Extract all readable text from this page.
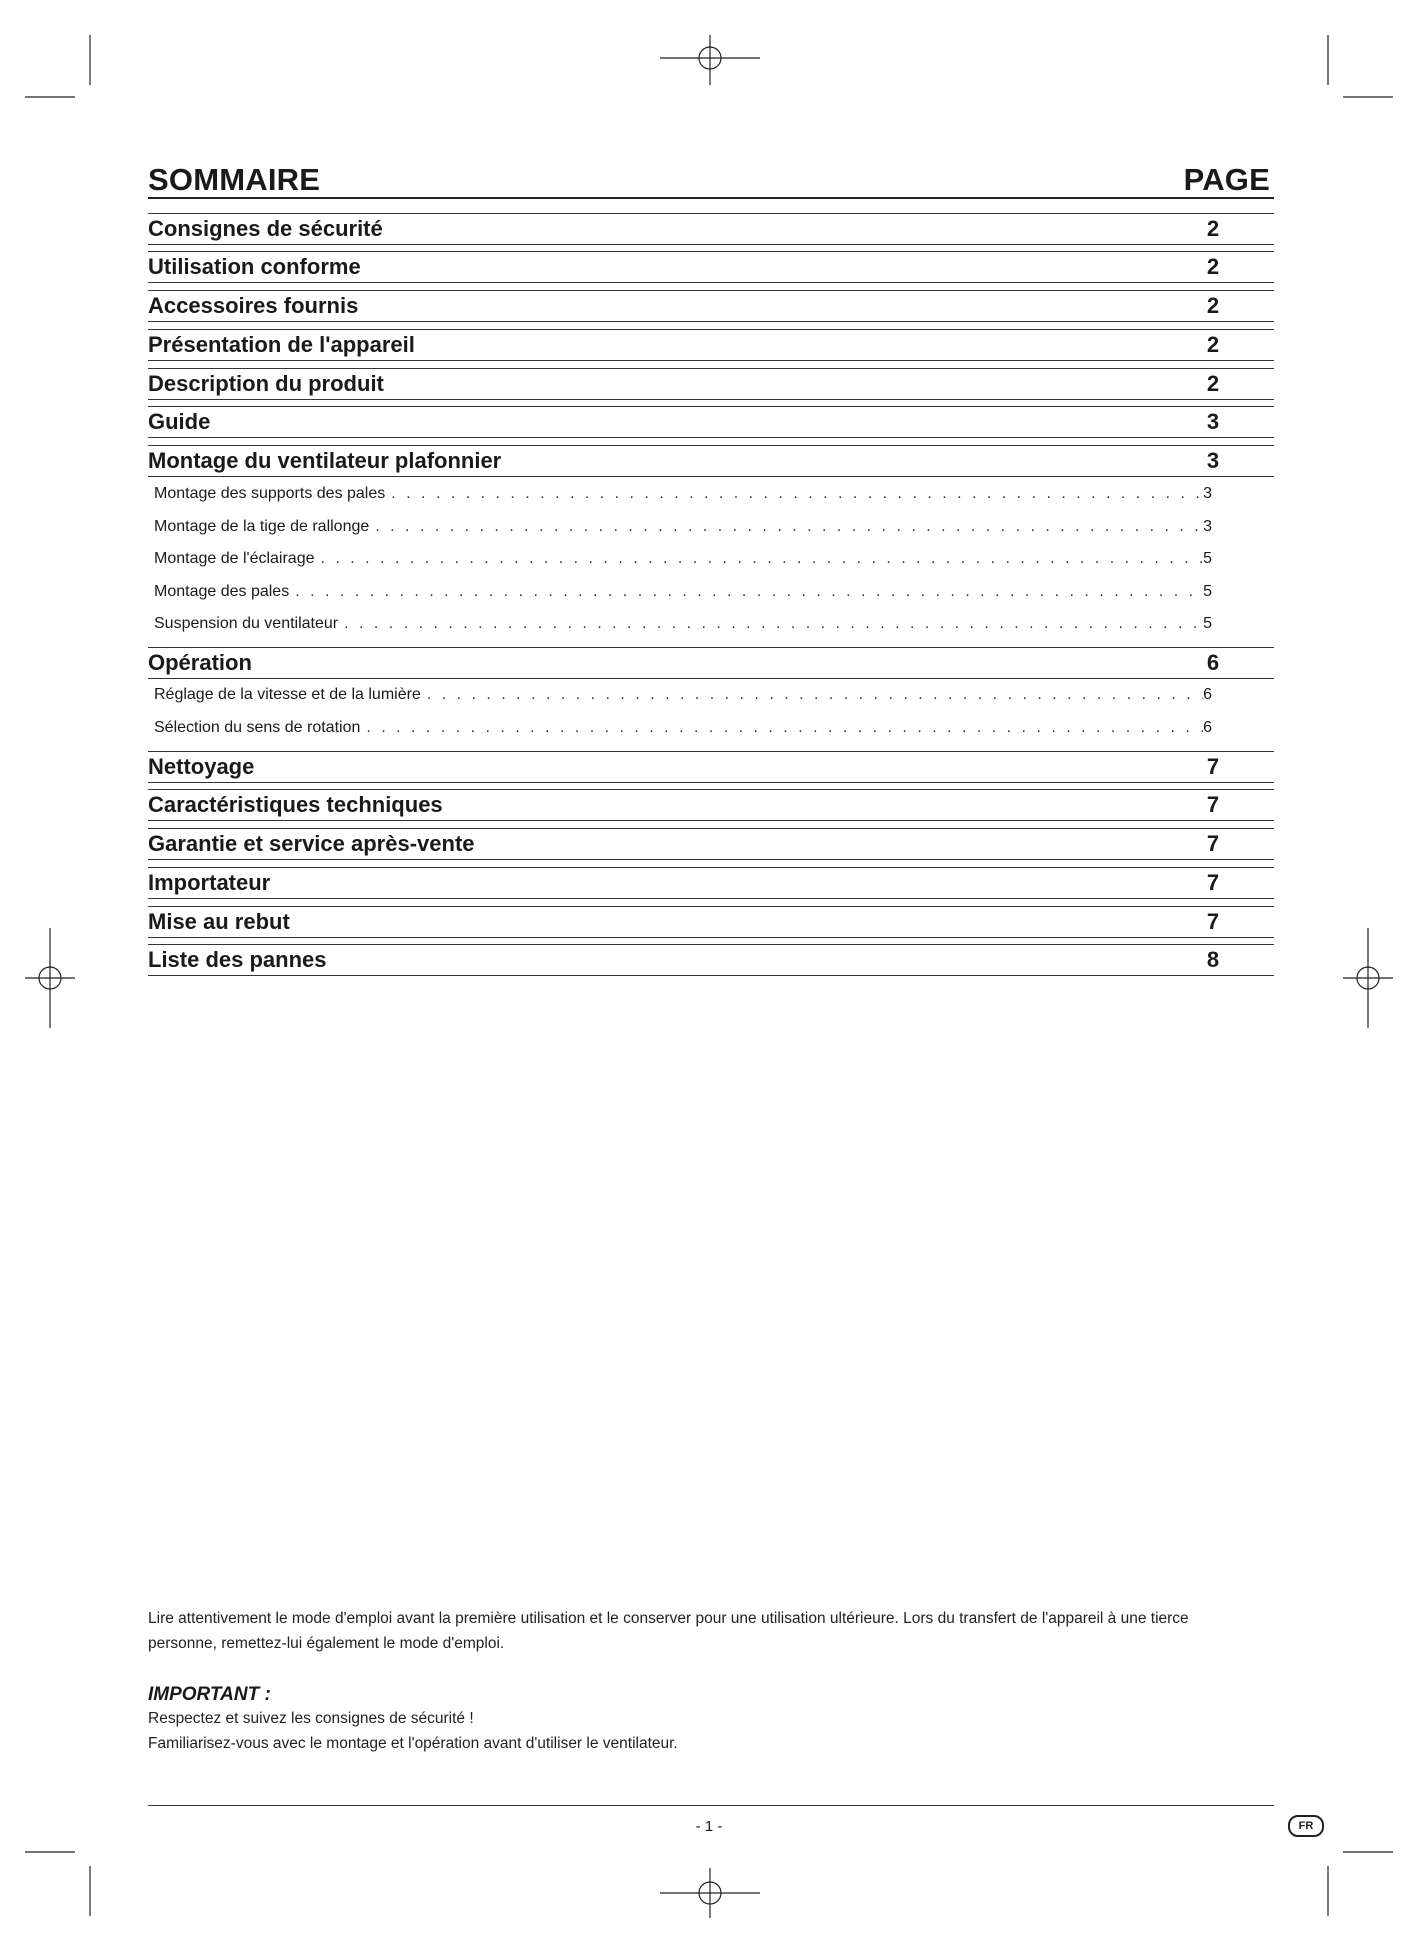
SOMMAIRE	PAGE
Consignes de sécurité	2
Utilisation conforme	2
Accessoires fournis	2
Présentation de l'appareil	2
Description du produit	2
Guide	3
Montage du ventilateur plafonnier	3
Montage des supports des pales . . .	3
Montage de la tige de rallonge . . .	3
Montage de l'éclairage . . .	5
Montage des pales . . .	5
Suspension du ventilateur . . .	5
Opération	6
Réglage de la vitesse et de la lumière . . .	6
Sélection du sens de rotation . . .	6
Nettoyage	7
Caractéristiques techniques	7
Garantie et service après-vente	7
Importateur	7
Mise au rebut	7
Liste des pannes	8
Lire attentivement le mode d'emploi avant la première utilisation et le conserver pour une utilisation ultérieure. Lors du transfert de l'appareil à une tierce
personne, remettez-lui également le mode d'emploi.
IMPORTANT :
Respectez et suivez les consignes de sécurité !
Familiarisez-vous avec le montage et l'opération avant d'utiliser le ventilateur.
- 1 -	FR
